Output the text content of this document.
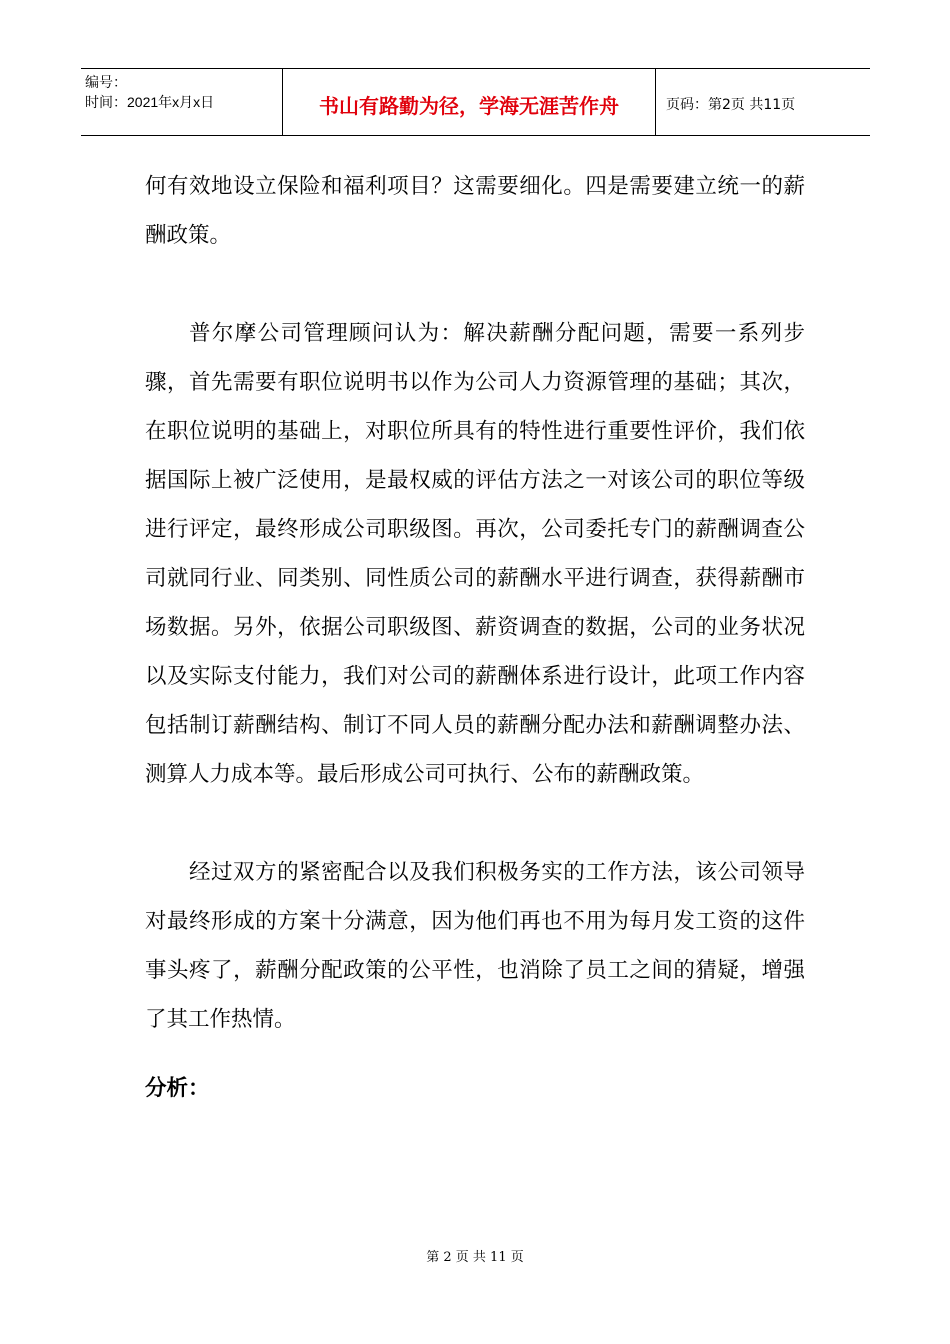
编号：
时间：2021年x月x日	书山有路勤为径，学海无涯苦作舟	页码：第2页 共11页

何有效地设立保险和福利项目？这需要细化。四是需要建立统一的薪酬政策。

普尔摩公司管理顾问认为：解决薪酬分配问题，需要一系列步骤，首先需要有职位说明书以作为公司人力资源管理的基础；其次，在职位说明的基础上，对职位所具有的特性进行重要性评价，我们依据国际上被广泛使用，是最权威的评估方法之一对该公司的职位等级进行评定，最终形成公司职级图。再次，公司委托专门的薪酬调查公司就同行业、同类别、同性质公司的薪酬水平进行调查，获得薪酬市场数据。另外，依据公司职级图、薪资调查的数据，公司的业务状况以及实际支付能力，我们对公司的薪酬体系进行设计，此项工作内容包括制订薪酬结构、制订不同人员的薪酬分配办法和薪酬调整办法、测算人力成本等。最后形成公司可执行、公布的薪酬政策。

经过双方的紧密配合以及我们积极务实的工作方法，该公司领导对最终形成的方案十分满意，因为他们再也不用为每月发工资的这件事头疼了，薪酬分配政策的公平性，也消除了员工之间的猜疑，增强了其工作热情。

分析：

第 2 页 共 11 页
